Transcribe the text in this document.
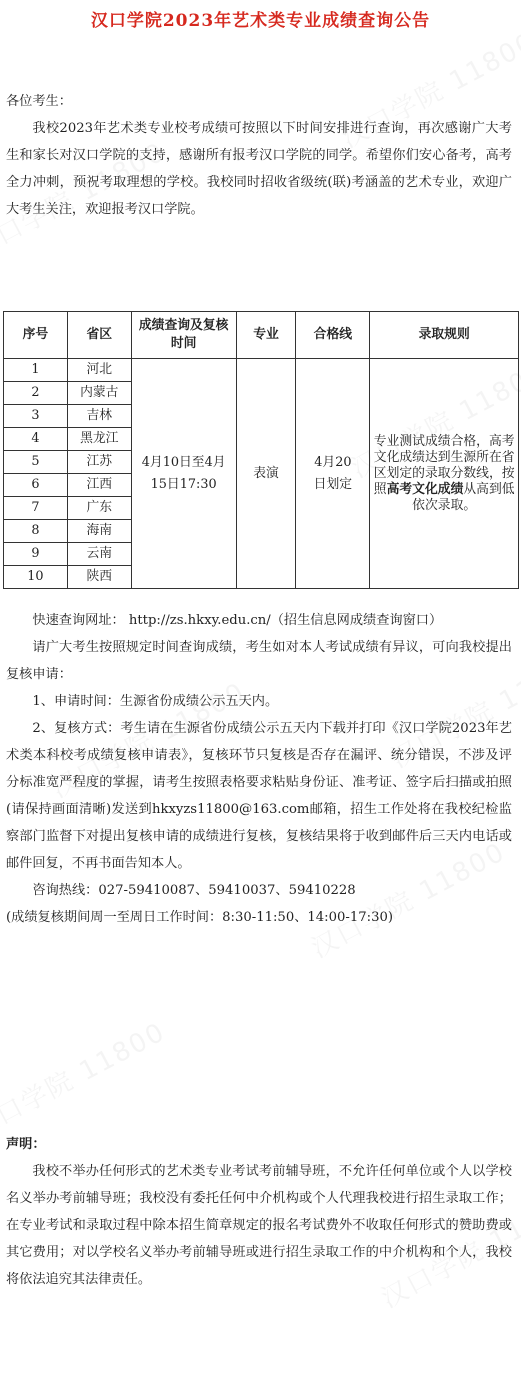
汉口学院2023年艺术类专业成绩查询公告

各位考生：

我校2023年艺术类专业校考成绩可按照以下时间安排进行查询，再次感谢广大考生和家长对汉口学院的支持，感谢所有报考汉口学院的同学。希望你们安心备考，高考全力冲刺，预祝考取理想的学校。我校同时招收省级统(联)考涵盖的艺术专业，欢迎广大考生关注，欢迎报考汉口学院。

序号	省区	成绩查询及复核时间	专业	合格线	录取规则
1	河北	4月10日至4月15日17:30	表演	4月20日划定	专业测试成绩合格，高考文化成绩达到生源所在省区划定的录取分数线，按照高考文化成绩从高到低依次录取。
2	内蒙古				
3	吉林				
4	黑龙江				
5	江苏				
6	江西				
7	广东				
8	海南				
9	云南				
10	陕西				

快速查询网址： http://zs.hkxy.edu.cn/（招生信息网成绩查询窗口）

请广大考生按照规定时间查询成绩，考生如对本人考试成绩有异议，可向我校提出复核申请：

1、申请时间：生源省份成绩公示五天内。

2、复核方式：考生请在生源省份成绩公示五天内下载并打印《汉口学院2023年艺术类本科校考成绩复核申请表》，复核环节只复核是否存在漏评、统分错误，不涉及评分标准宽严程度的掌握，请考生按照表格要求粘贴身份证、准考证、签字后扫描或拍照(请保持画面清晰)发送到hkxyzs11800@163.com邮箱，招生工作处将在我校纪检监察部门监督下对提出复核申请的成绩进行复核，复核结果将于收到邮件后三天内电话或邮件回复，不再书面告知本人。

咨询热线：027-59410087、59410037、59410228

(成绩复核期间周一至周日工作时间：8:30-11:50、14:00-17:30)

声明：

我校不举办任何形式的艺术类专业考试考前辅导班，不允许任何单位或个人以学校名义举办考前辅导班；我校没有委托任何中介机构或个人代理我校进行招生录取工作；在专业考试和录取过程中除本招生简章规定的报名考试费外不收取任何形式的赞助费或其它费用；对以学校名义举办考前辅导班或进行招生录取工作的中介机构和个人，我校将依法追究其法律责任。
